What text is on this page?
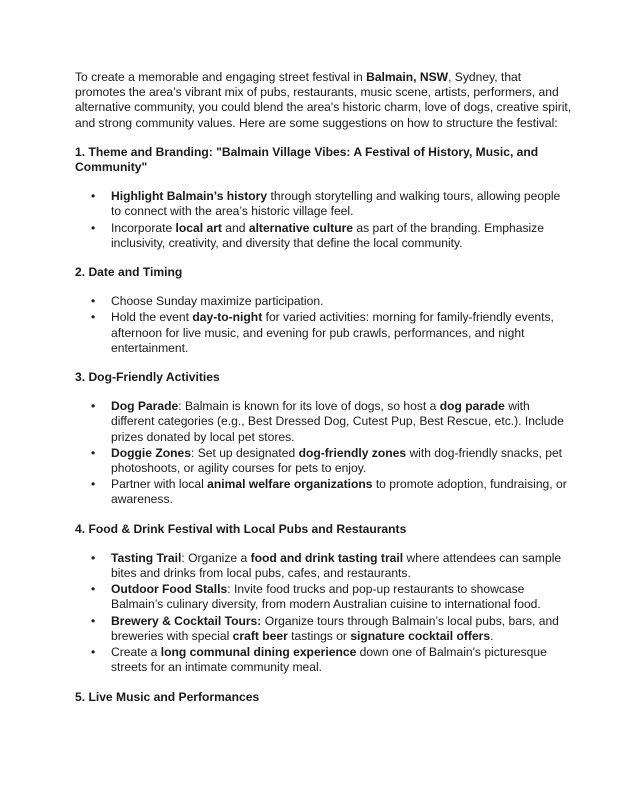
To create a memorable and engaging street festival in Balmain, NSW, Sydney, that promotes the area’s vibrant mix of pubs, restaurants, music scene, artists, performers, and alternative community, you could blend the area's historic charm, love of dogs, creative spirit, and strong community values. Here are some suggestions on how to structure the festival:

1. Theme and Branding: "Balmain Village Vibes: A Festival of History, Music, and Community"

• Highlight Balmain’s history through storytelling and walking tours, allowing people to connect with the area’s historic village feel.
• Incorporate local art and alternative culture as part of the branding. Emphasize inclusivity, creativity, and diversity that define the local community.

2. Date and Timing

• Choose Sunday maximize participation.
• Hold the event day-to-night for varied activities: morning for family-friendly events, afternoon for live music, and evening for pub crawls, performances, and night entertainment.

3. Dog-Friendly Activities

• Dog Parade: Balmain is known for its love of dogs, so host a dog parade with different categories (e.g., Best Dressed Dog, Cutest Pup, Best Rescue, etc.). Include prizes donated by local pet stores.
• Doggie Zones: Set up designated dog-friendly zones with dog-friendly snacks, pet photoshoots, or agility courses for pets to enjoy.
• Partner with local animal welfare organizations to promote adoption, fundraising, or awareness.

4. Food & Drink Festival with Local Pubs and Restaurants

• Tasting Trail: Organize a food and drink tasting trail where attendees can sample bites and drinks from local pubs, cafes, and restaurants.
• Outdoor Food Stalls: Invite food trucks and pop-up restaurants to showcase Balmain’s culinary diversity, from modern Australian cuisine to international food.
• Brewery & Cocktail Tours: Organize tours through Balmain’s local pubs, bars, and breweries with special craft beer tastings or signature cocktail offers.
• Create a long communal dining experience down one of Balmain's picturesque streets for an intimate community meal.

5. Live Music and Performances
